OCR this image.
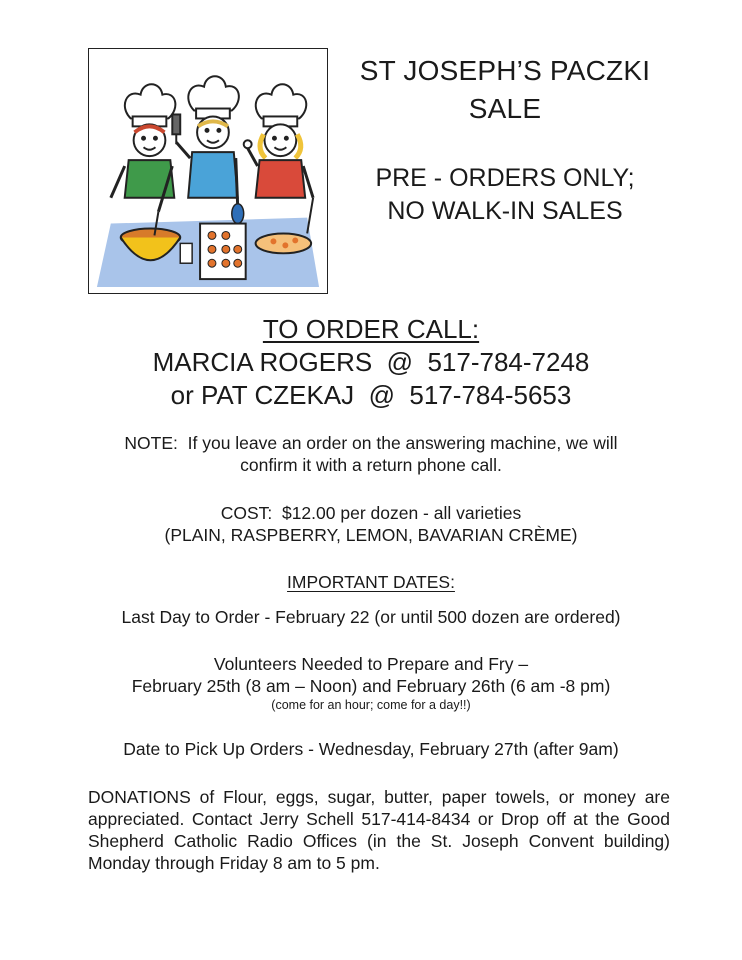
ST JOSEPH’S PACZKI
SALE
PRE - ORDERS ONLY;
NO WALK-IN SALES
TO ORDER CALL:
MARCIA ROGERS  @  517-784-7248
or PAT CZEKAJ  @  517-784-5653
NOTE:  If you leave an order on the answering machine, we will
confirm it with a return phone call.
COST:  $12.00 per dozen - all varieties
(PLAIN, RASPBERRY, LEMON, BAVARIAN CRÈME)
IMPORTANT DATES:
Last Day to Order - February 22 (or until 500 dozen are ordered)
Volunteers Needed to Prepare and Fry –
February 25th (8 am – Noon) and February 26th (6 am -8 pm)
(come for an hour; come for a day!!)
Date to Pick Up Orders - Wednesday, February 27th (after 9am)
DONATIONS of Flour, eggs, sugar, butter, paper towels, or money are appreciated. Contact Jerry Schell 517-414-8434 or Drop off at the Good Shepherd Catholic Radio Offices (in the St. Joseph Convent building) Monday through Friday 8 am to 5 pm.
